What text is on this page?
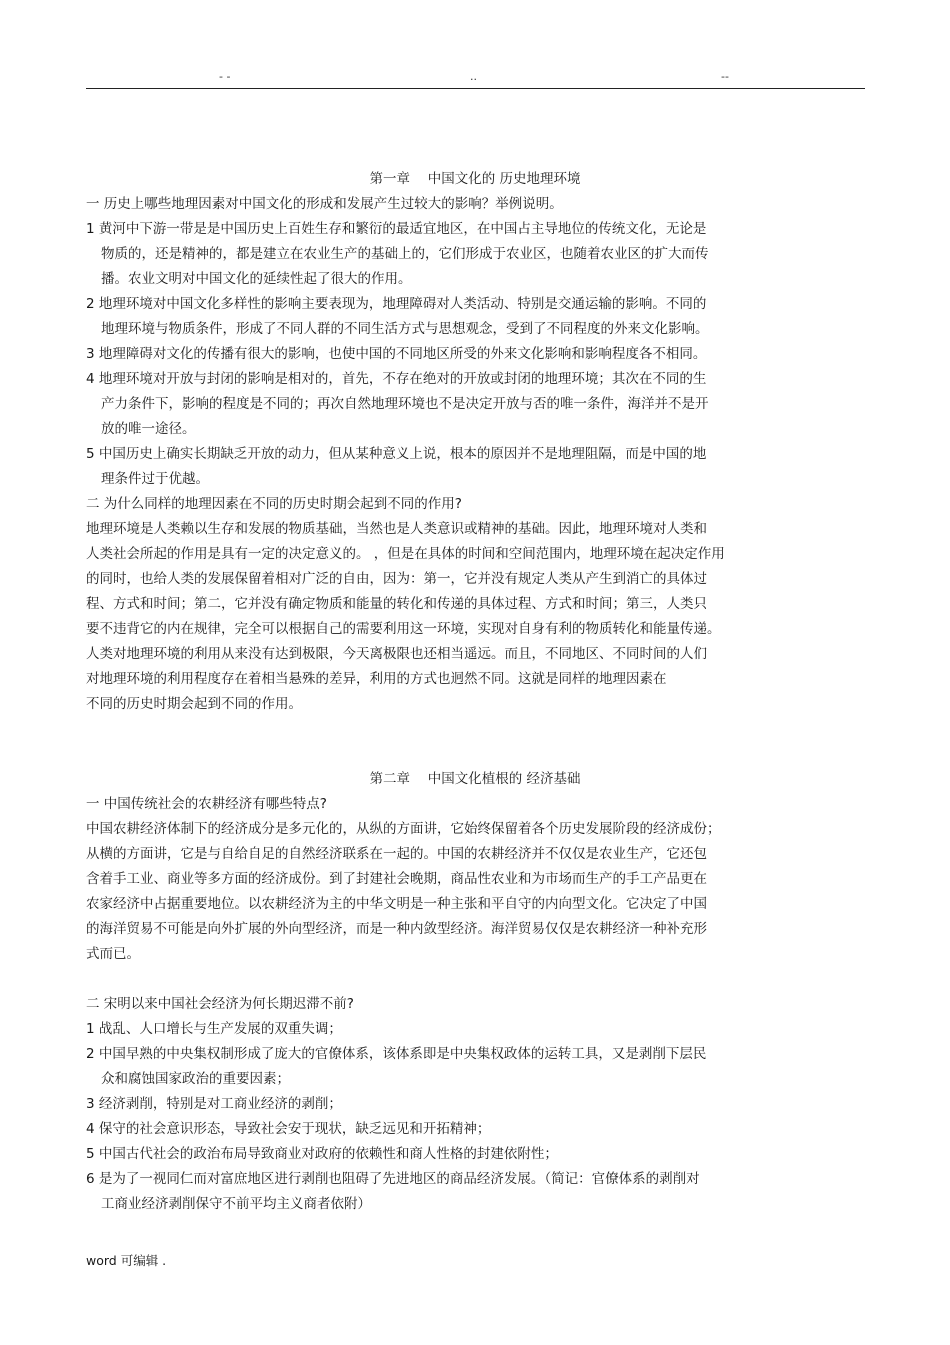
- -	..	--
第一章　 中国文化的 历史地理环境
一 历史上哪些地理因素对中国文化的形成和发展产生过较大的影响？举例说明。
1 黄河中下游一带是是中国历史上百姓生存和繁衍的最适宜地区，在中国占主导地位的传统文化，无论是
物质的，还是精神的，都是建立在农业生产的基础上的，它们形成于农业区，也随着农业区的扩大而传
播。农业文明对中国文化的延续性起了很大的作用。
2 地理环境对中国文化多样性的影响主要表现为，地理障碍对人类活动、特别是交通运输的影响。不同的
地理环境与物质条件，形成了不同人群的不同生活方式与思想观念，受到了不同程度的外来文化影响。
3 地理障碍对文化的传播有很大的影响，也使中国的不同地区所受的外来文化影响和影响程度各不相同。
4 地理环境对开放与封闭的影响是相对的，首先，不存在绝对的开放或封闭的地理环境；其次在不同的生
产力条件下，影响的程度是不同的；再次自然地理环境也不是决定开放与否的唯一条件，海洋并不是开
放的唯一途径。
5 中国历史上确实长期缺乏开放的动力，但从某种意义上说，根本的原因并不是地理阻隔，而是中国的地
理条件过于优越。
二 为什么同样的地理因素在不同的历史时期会起到不同的作用?
地理环境是人类赖以生存和发展的物质基础，当然也是人类意识或精神的基础。因此，地理环境对人类和
人类社会所起的作用是具有一定的决定意义的。 ，但是在具体的时间和空间范围内，地理环境在起决定作用
的同时，也给人类的发展保留着相对广泛的自由，因为：第一，它并没有规定人类从产生到消亡的具体过
程、方式和时间；第二，它并没有确定物质和能量的转化和传递的具体过程、方式和时间；第三，人类只
要不违背它的内在规律，完全可以根据自己的需要利用这一环境，实现对自身有利的物质转化和能量传递。
人类对地理环境的利用从来没有达到极限，今天离极限也还相当遥远。而且，不同地区、不同时间的人们
对地理环境的利用程度存在着相当悬殊的差异，利用的方式也迥然不同。这就是同样的地理因素在
不同的历史时期会起到不同的作用。
第二章　 中国文化植根的 经济基础
一 中国传统社会的农耕经济有哪些特点?
中国农耕经济体制下的经济成分是多元化的，从纵的方面讲，它始终保留着各个历史发展阶段的经济成份；
从横的方面讲，它是与自给自足的自然经济联系在一起的。中国的农耕经济并不仅仅是农业生产，它还包
含着手工业、商业等多方面的经济成份。到了封建社会晚期，商品性农业和为市场而生产的手工产品更在
农家经济中占据重要地位。以农耕经济为主的中华文明是一种主张和平自守的内向型文化。它决定了中国
的海洋贸易不可能是向外扩展的外向型经济，而是一种内敛型经济。海洋贸易仅仅是农耕经济一种补充形
式而已。
二 宋明以来中国社会经济为何长期迟滞不前?
1 战乱、人口增长与生产发展的双重失调；
2 中国早熟的中央集权制形成了庞大的官僚体系，该体系即是中央集权政体的运转工具，又是剥削下层民
众和腐蚀国家政治的重要因素；
3 经济剥削，特别是对工商业经济的剥削；
4 保守的社会意识形态，导致社会安于现状，缺乏远见和开拓精神；
5 中国古代社会的政治布局导致商业对政府的依赖性和商人性格的封建依附性；
6 是为了一视同仁而对富庶地区进行剥削也阻碍了先进地区的商品经济发展。（简记：官僚体系的剥削对
工商业经济剥削保守不前平均主义商者依附）
word 可编辑 .
